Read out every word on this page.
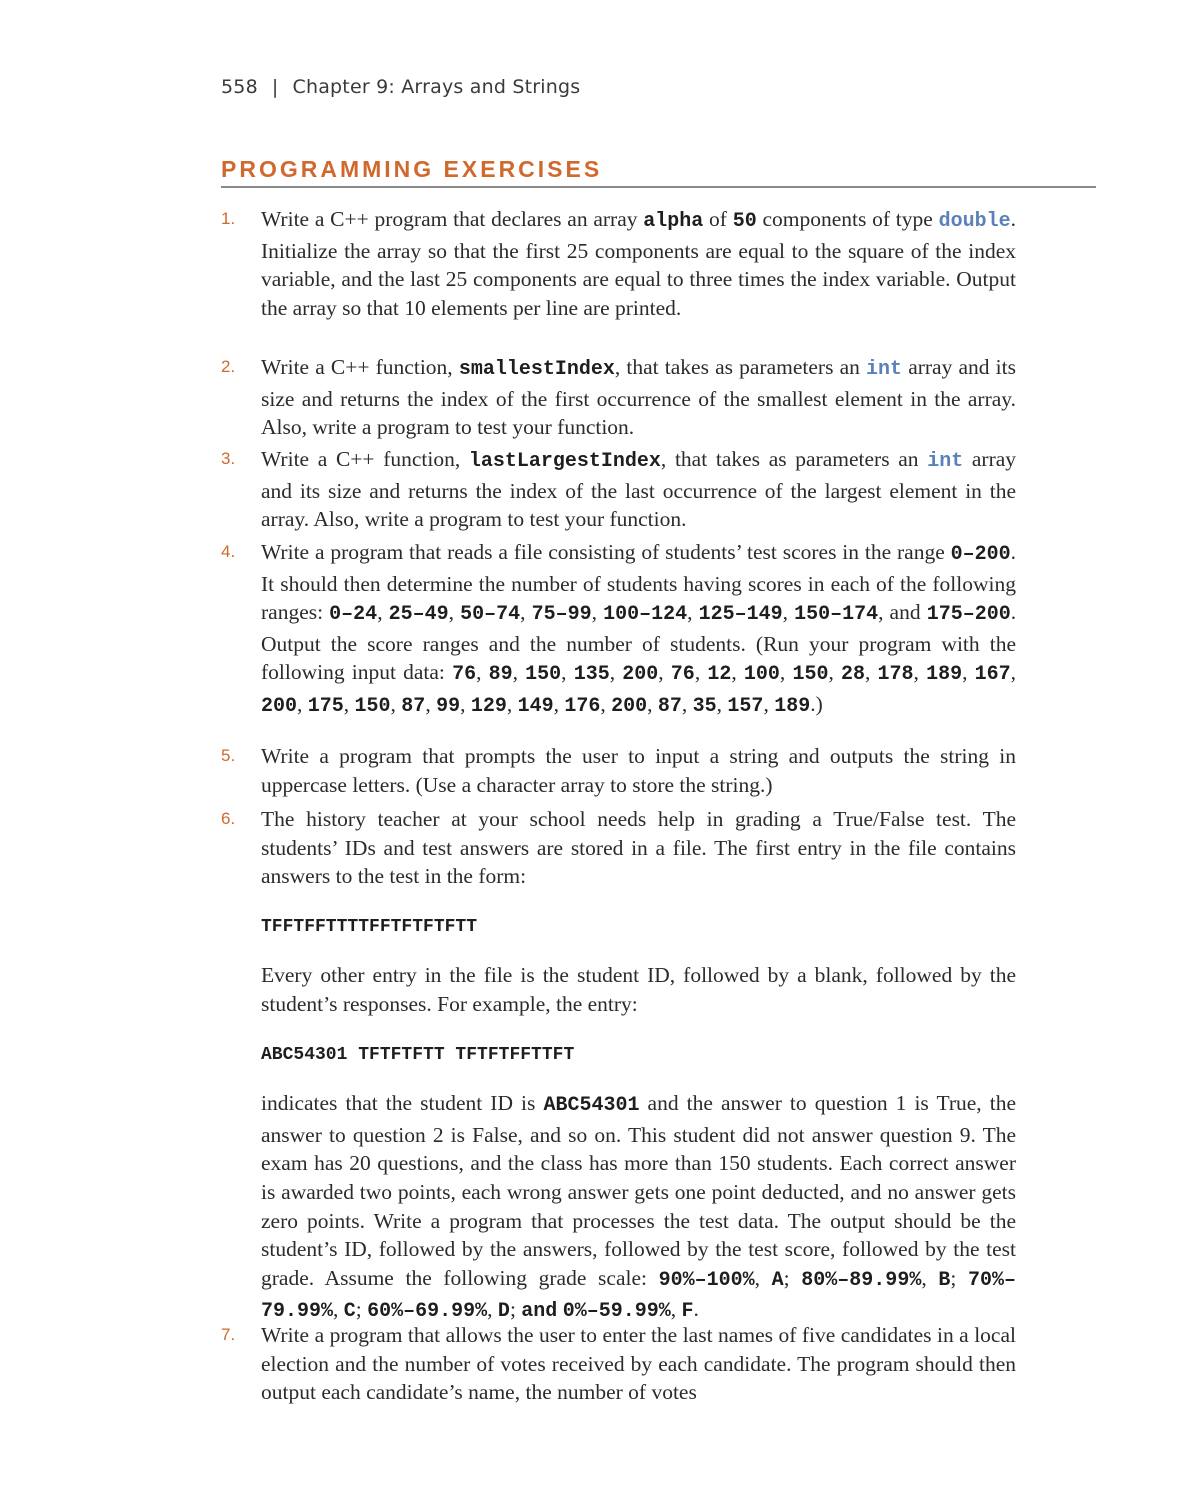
558 | Chapter 9: Arrays and Strings
PROGRAMMING EXERCISES
1.	Write a C++ program that declares an array alpha of 50 components of type double. Initialize the array so that the first 25 components are equal to the square of the index variable, and the last 25 components are equal to three times the index variable. Output the array so that 10 elements per line are printed.

2.	Write a C++ function, smallestIndex, that takes as parameters an int array and its size and returns the index of the first occurrence of the smallest element in the array. Also, write a program to test your function.

3.	Write a C++ function, lastLargestIndex, that takes as parameters an int array and its size and returns the index of the last occurrence of the largest element in the array. Also, write a program to test your function.

4.	Write a program that reads a file consisting of students’ test scores in the range 0–200. It should then determine the number of students having scores in each of the following ranges: 0–24, 25–49, 50–74, 75–99, 100–124, 125–149, 150–174, and 175–200. Output the score ranges and the number of students. (Run your program with the following input data: 76, 89, 150, 135, 200, 76, 12, 100, 150, 28, 178, 189, 167, 200, 175, 150, 87, 99, 129, 149, 176, 200, 87, 35, 157, 189.)

5.	Write a program that prompts the user to input a string and outputs the string in uppercase letters. (Use a character array to store the string.)

6.	The history teacher at your school needs help in grading a True/False test. The students’ IDs and test answers are stored in a file. The first entry in the file contains answers to the test in the form:

TFFTFFTTTTFFTFTFTFTT

Every other entry in the file is the student ID, followed by a blank, followed by the student’s responses. For example, the entry:

ABC54301 TFTFTFTT TFTFTFFTTFT

indicates that the student ID is ABC54301 and the answer to question 1 is True, the answer to question 2 is False, and so on. This student did not answer question 9. The exam has 20 questions, and the class has more than 150 students. Each correct answer is awarded two points, each wrong answer gets one point deducted, and no answer gets zero points. Write a program that processes the test data. The output should be the student’s ID, followed by the answers, followed by the test score, followed by the test grade. Assume the following grade scale: 90%–100%, A; 80%–89.99%, B; 70%–79.99%, C; 60%–69.99%, D; and 0%–59.99%, F.

7.	Write a program that allows the user to enter the last names of five candidates in a local election and the number of votes received by each candidate. The program should then output each candidate’s name, the number of votes
